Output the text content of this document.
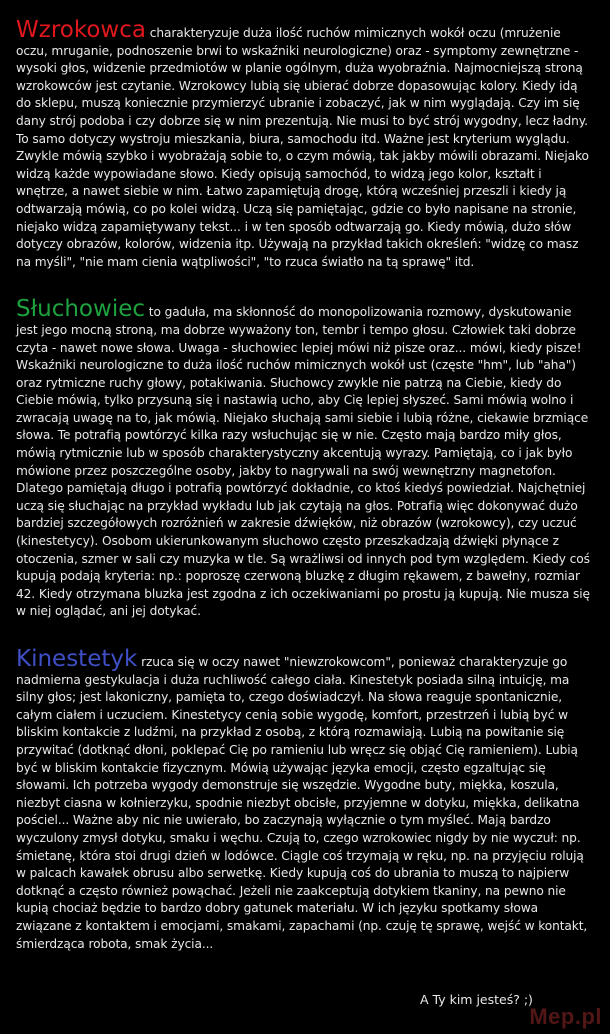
Wzrokowca charakteryzuje duża ilość ruchów mimicznych wokół oczu (mrużenie oczu, mruganie, podnoszenie brwi to wskaźniki neurologiczne) oraz - symptomy zewnętrzne - wysoki głos, widzenie przedmiotów w planie ogólnym, duża wyobraźnia. Najmocniejszą stroną wzrokowców jest czytanie. Wzrokowcy lubią się ubierać dobrze dopasowując kolory. Kiedy idą do sklepu, muszą koniecznie przymierzyć ubranie i zobaczyć, jak w nim wyglądają. Czy im się dany strój podoba i czy dobrze się w nim prezentują. Nie musi to być strój wygodny, lecz ładny. To samo dotyczy wystroju mieszkania, biura, samochodu itd. Ważne jest kryterium wyglądu. Zwykle mówią szybko i wyobrażają sobie to, o czym mówią, tak jakby mówili obrazami. Niejako widzą każde wypowiadane słowo. Kiedy opisują samochód, to widzą jego kolor, kształt i wnętrze, a nawet siebie w nim. Łatwo zapamiętują drogę, którą wcześniej przeszli i kiedy ją odtwarzają mówią, co po kolei widzą. Uczą się pamiętając, gdzie co było napisane na stronie, niejako widzą zapamiętywany tekst... i w ten sposób odtwarzają go. Kiedy mówią, dużo słów dotyczy obrazów, kolorów, widzenia itp. Używają na przykład takich określeń: "widzę co masz na myśli", "nie mam cienia wątpliwości", "to rzuca światło na tą sprawę" itd.

Słuchowiec to gaduła, ma skłonność do monopolizowania rozmowy, dyskutowanie jest jego mocną stroną, ma dobrze wyważony ton, tembr i tempo głosu. Człowiek taki dobrze czyta - nawet nowe słowa. Uwaga - słuchowiec lepiej mówi niż pisze oraz... mówi, kiedy pisze! Wskaźniki neurologiczne to duża ilość ruchów mimicznych wokół ust (częste "hm", lub "aha") oraz rytmiczne ruchy głowy, potakiwania. Słuchowcy zwykle nie patrzą na Ciebie, kiedy do Ciebie mówią, tylko przysuną się i nastawią ucho, aby Cię lepiej słyszeć. Sami mówią wolno i zwracają uwagę na to, jak mówią. Niejako słuchają sami siebie i lubią różne, ciekawie brzmiące słowa. Te potrafią powtórzyć kilka razy wsłuchując się w nie. Często mają bardzo miły głos, mówią rytmicznie lub w sposób charakterystyczny akcentują wyrazy. Pamiętają, co i jak było mówione przez poszczególne osoby, jakby to nagrywali na swój wewnętrzny magnetofon. Dlatego pamiętają długo i potrafią powtórzyć dokładnie, co ktoś kiedyś powiedział. Najchętniej uczą się słuchając na przykład wykładu lub jak czytają na głos. Potrafią więc dokonywać dużo bardziej szczegółowych rozróżnień w zakresie dźwięków, niż obrazów (wzrokowcy), czy uczuć (kinestetycy). Osobom ukierunkowanym słuchowo często przeszkadzają dźwięki płynące z otoczenia, szmer w sali czy muzyka w tle. Są wrażliwsi od innych pod tym względem. Kiedy coś kupują podają kryteria: np.: poproszę czerwoną bluzkę z długim rękawem, z bawełny, rozmiar 42. Kiedy otrzymana bluzka jest zgodna z ich oczekiwaniami po prostu ją kupują. Nie musza się w niej oglądać, ani jej dotykać.

Kinestetyk rzuca się w oczy nawet "niewzrokowcom", ponieważ charakteryzuje go nadmierna gestykulacja i duża ruchliwość całego ciała. Kinestetyk posiada silną intuicję, ma silny głos; jest lakoniczny, pamięta to, czego doświadczył. Na słowa reaguje spontanicznie, całym ciałem i uczuciem. Kinestetycy cenią sobie wygodę, komfort, przestrzeń i lubią być w bliskim kontakcie z ludźmi, na przykład z osobą, z którą rozmawiają. Lubią na powitanie się przywitać (dotknąć dłoni, poklepać Cię po ramieniu lub wręcz się objąć Cię ramieniem). Lubią być w bliskim kontakcie fizycznym. Mówią używając języka emocji, często egzaltując się słowami. Ich potrzeba wygody demonstruje się wszędzie. Wygodne buty, miękka, koszula, niezbyt ciasna w kołnierzyku, spodnie niezbyt obcisłe, przyjemne w dotyku, miękka, delikatna pościel... Ważne aby nic nie uwierało, bo zaczynają wyłącznie o tym myśleć. Mają bardzo wyczulony zmysł dotyku, smaku i węchu. Czują to, czego wzrokowiec nigdy by nie wyczuł: np. śmietanę, która stoi drugi dzień w lodówce. Ciągle coś trzymają w ręku, np. na przyjęciu rolują w palcach kawałek obrusu albo serwetkę. Kiedy kupują coś do ubrania to muszą to najpierw dotknąć a często również powąchać. Jeżeli nie zaakceptują dotykiem tkaniny, na pewno nie kupią chociaż będzie to bardzo dobry gatunek materiału. W ich języku spotkamy słowa związane z kontaktem i emocjami, smakami, zapachami (np. czuję tę sprawę, wejść w kontakt, śmierdząca robota, smak życia...

A Ty kim jesteś? ;)
Mep.pl
